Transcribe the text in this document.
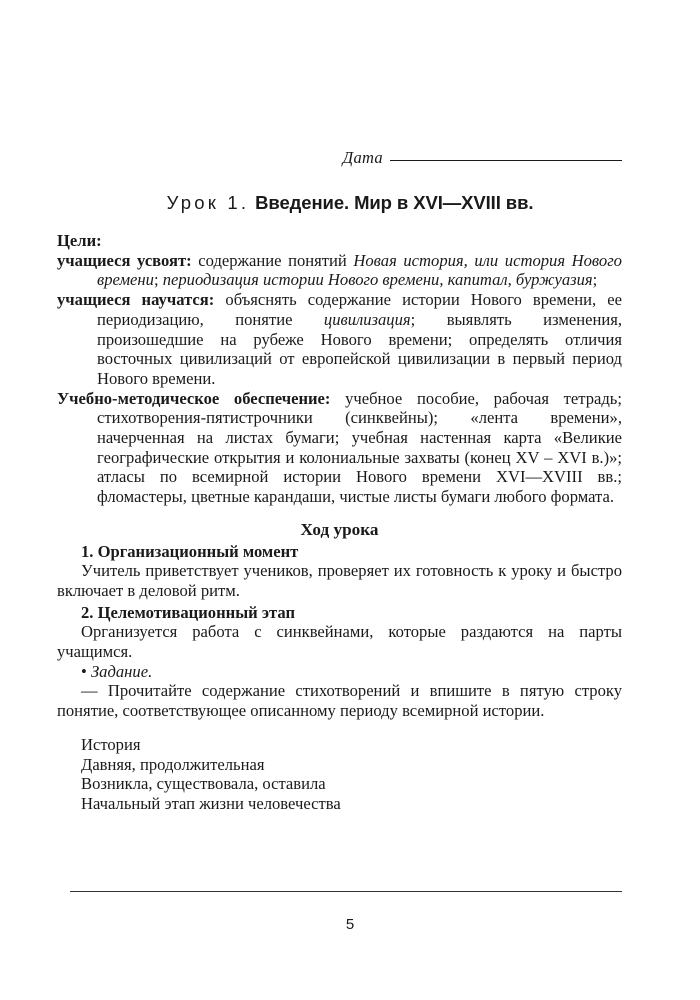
Дата
Урок 1. Введение. Мир в XVI—XVIII вв.
Цели:
учащиеся усвоят: содержание понятий Новая история, или история Нового времени; периодизация истории Нового времени, капитал, буржуазия;
учащиеся научатся: объяснять содержание истории Нового времени, ее периодизацию, понятие цивилизация; выявлять изменения, произошедшие на рубеже Нового времени; определять отличия восточных цивилизаций от европейской цивилизации в первый период Нового времени.
Учебно-методическое обеспечение: учебное пособие, рабочая тетрадь; стихотворения-пятистрочники (синквейны); «лента времени», начерченная на листах бумаги; учебная настенная карта «Великие географические открытия и колониальные захваты (конец XV – XVI в.)»; атласы по всемирной истории Нового времени XVI—XVIII вв.; фломастеры, цветные карандаши, чистые листы бумаги любого формата.
Ход урока
1. Организационный момент

Учитель приветствует учеников, проверяет их готовность к уроку и быстро включает в деловой ритм.

2. Целемотивационный этап

Организуется работа с синквейнами, которые раздаются на парты учащимся.

• Задание.

— Прочитайте содержание стихотворений и впишите в пятую строку понятие, соответствующее описанному периоду всемирной истории.

История

Давняя, продолжительная

Возникла, существовала, оставила

Начальный этап жизни человечества

5
